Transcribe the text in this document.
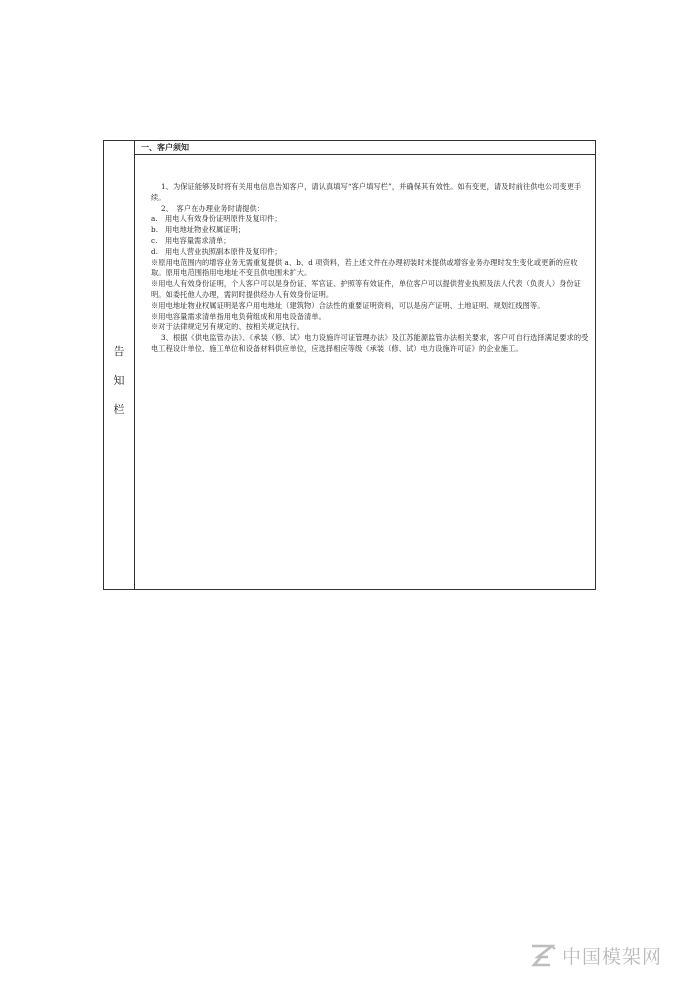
告
知
栏
一、客户须知

1、为保证能够及时将有关用电信息告知客户，请认真填写“客户填写栏”，并确保其有效性。如有变更，请及时前往供电公司变更手续。

2、　客户在办理业务时请提供：

a.	用电人有效身份证明原件及复印件；
b. 用电地址物业权属证明；
c.	用电容量需求清单；
d. 用电人营业执照副本原件及复印件；

※原用电范围内的增容业务无需重复提供 a、b、d 项资料，若上述文件在办理初装时未提供或增容业务办理时发生变化或更新的应收取。原用电范围指用电地址不变且供电围未扩大。

※用电人有效身份证明，个人客户可以是身份证、军官证、护照等有效证件，单位客户可以提供营业执照及法人代表（负责人）身份证明。如委托他人办理，需同时提供经办人有效身份证明。

※用电地址物业权属证明是客户用电地址（建筑物）合法性的重要证明资料，可以是房产证明、土地证明、规划红线图等。

※用电容量需求清单指用电负荷组成和用电设备清单。

※对于法律规定另有规定的、按相关规定执行。

3、根据《供电监管办法》、《承装（修、试）电力设施许可证管理办法》及江苏能源监管办法相关要求，客户可自行选择满足要求的受电工程设计单位、施工单位和设备材料供应单位，应选择相应等级《承装（修、试）电力设施许可证》的企业施工。

中国模架网
